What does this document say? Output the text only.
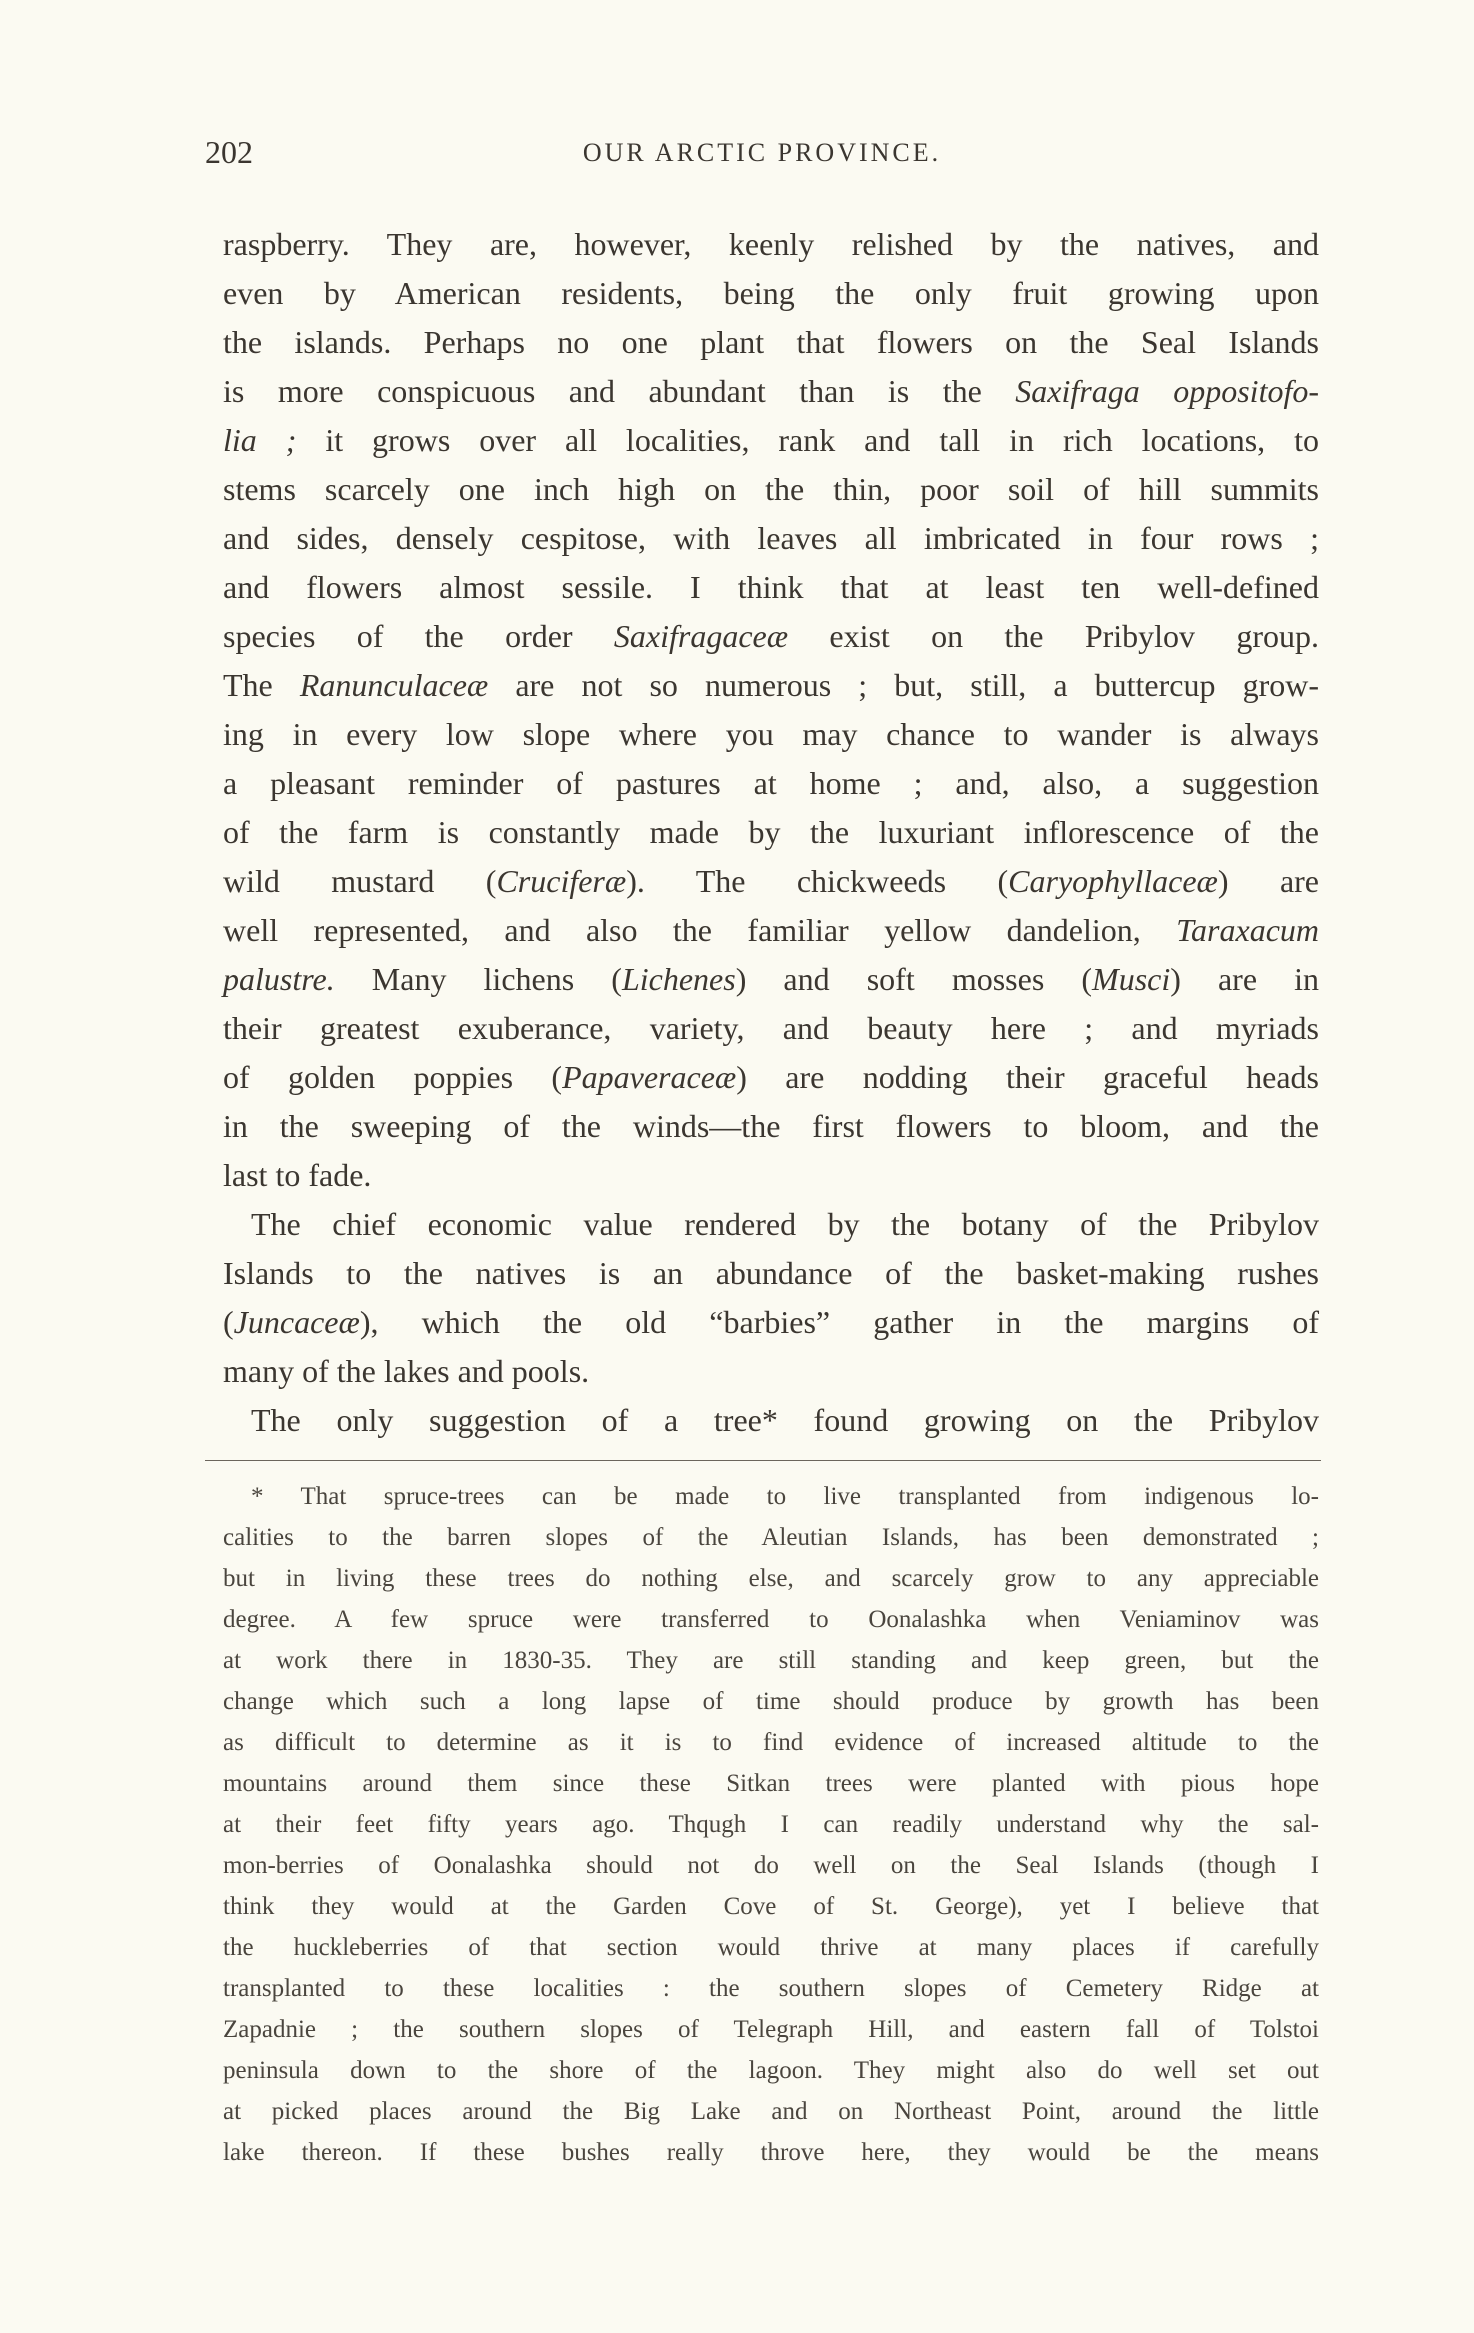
202	OUR ARCTIC PROVINCE.
raspberry. They are, however, keenly relished by the natives, and
even by American residents, being the only fruit growing upon
the islands. Perhaps no one plant that flowers on the Seal Islands
is more conspicuous and abundant than is the Saxifraga oppositofo-
lia ; it grows over all localities, rank and tall in rich locations, to
stems scarcely one inch high on the thin, poor soil of hill summits
and sides, densely cespitose, with leaves all imbricated in four rows ;
and flowers almost sessile. I think that at least ten well-defined
species of the order Saxifragaceæ exist on the Pribylov group.
The Ranunculaceæ are not so numerous ; but, still, a buttercup grow-
ing in every low slope where you may chance to wander is always
a pleasant reminder of pastures at home ; and, also, a suggestion
of the farm is constantly made by the luxuriant inflorescence of the
wild mustard (Cruciferæ). The chickweeds (Caryophyllaceæ) are
well represented, and also the familiar yellow dandelion, Taraxacum
palustre. Many lichens (Lichenes) and soft mosses (Musci) are in
their greatest exuberance, variety, and beauty here ; and myriads
of golden poppies (Papaveraceæ) are nodding their graceful heads
in the sweeping of the winds—the first flowers to bloom, and the
last to fade.
The chief economic value rendered by the botany of the Pribylov
Islands to the natives is an abundance of the basket-making rushes
(Juncaceæ), which the old “barbies” gather in the margins of
many of the lakes and pools.
The only suggestion of a tree* found growing on the Pribylov
* That spruce-trees can be made to live transplanted from indigenous lo-
calities to the barren slopes of the Aleutian Islands, has been demonstrated ;
but in living these trees do nothing else, and scarcely grow to any appreciable
degree. A few spruce were transferred to Oonalashka when Veniaminov was
at work there in 1830-35. They are still standing and keep green, but the
change which such a long lapse of time should produce by growth has been
as difficult to determine as it is to find evidence of increased altitude to the
mountains around them since these Sitkan trees were planted with pious hope
at their feet fifty years ago. Thqugh I can readily understand why the sal-
mon-berries of Oonalashka should not do well on the Seal Islands (though I
think they would at the Garden Cove of St. George), yet I believe that
the huckleberries of that section would thrive at many places if carefully
transplanted to these localities : the southern slopes of Cemetery Ridge at
Zapadnie ; the southern slopes of Telegraph Hill, and eastern fall of Tolstoi
peninsula down to the shore of the lagoon. They might also do well set out
at picked places around the Big Lake and on Northeast Point, around the little
lake thereon. If these bushes really throve here, they would be the means
